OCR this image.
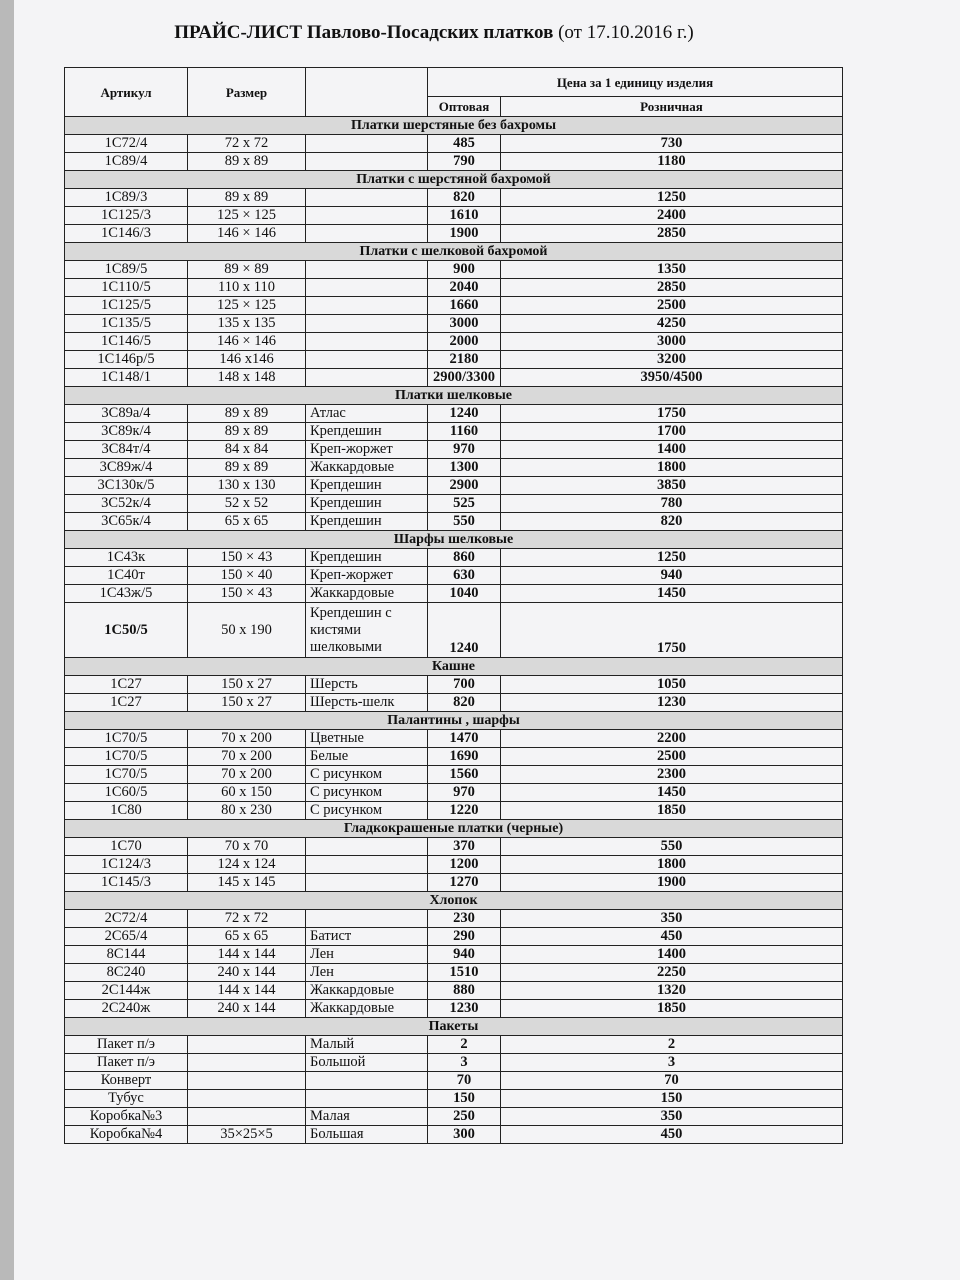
ПРАЙС-ЛИСТ Павлово-Посадских платков (от 17.10.2016 г.)
Артикул	Размер		Цена за 1 единицу изделия	
			Оптовая	Розничная
Платки шерстяные без бахромы				
1С72/4	72 х 72		485	730
1С89/4	89 х 89		790	1180
Платки с шерстяной бахромой				
1С89/3	89 х 89		820	1250
1С125/3	125 × 125		1610	2400
1С146/3	146 × 146		1900	2850
Платки с шелковой бахромой				
1С89/5	89 × 89		900	1350
1С110/5	110 х 110		2040	2850
1С125/5	125 × 125		1660	2500
1С135/5	135 х 135		3000	4250
1С146/5	146 × 146		2000	3000
1С146р/5	146 х146		2180	3200
1С148/1	148 х 148		2900/3300	3950/4500
Платки шелковые				
3С89а/4	89 х 89	Атлас	1240	1750
3С89к/4	89 х 89	Крепдешин	1160	1700
3С84т/4	84 х 84	Креп-жоржет	970	1400
3С89ж/4	89 х 89	Жаккардовые	1300	1800
3С130к/5	130 х 130	Крепдешин	2900	3850
3С52к/4	52 х 52	Крепдешин	525	780
3С65к/4	65 х 65	Крепдешин	550	820
Шарфы шелковые				
1С43к	150 × 43	Крепдешин	860	1250
1С40т	150 × 40	Креп-жоржет	630	940
1С43ж/5	150 × 43	Жаккардовые	1040	1450
1С50/5	50 х 190	Крепдешин с кистями шелковыми	1240	1750
Кашне				
1С27	150 х 27	Шерсть	700	1050
1С27	150 х 27	Шерсть-шелк	820	1230
Палантины , шарфы				
1С70/5	70 х 200	Цветные	1470	2200
1С70/5	70 х 200	Белые	1690	2500
1С70/5	70 х 200	С рисунком	1560	2300
1С60/5	60 х 150	С рисунком	970	1450
1С80	80 х 230	С рисунком	1220	1850
Гладкокрашеные платки (черные)				
1С70	70 х 70		370	550
1С124/3	124 х 124		1200	1800
1С145/3	145 х 145		1270	1900
Хлопок				
2С72/4	72 х 72		230	350
2С65/4	65 х 65	Батист	290	450
8С144	144 х 144	Лен	940	1400
8С240	240 х 144	Лен	1510	2250
2С144ж	144 х 144	Жаккардовые	880	1320
2С240ж	240 х 144	Жаккардовые	1230	1850
Пакеты				
Пакет п/э		Малый	2	2
Пакет п/э		Большой	3	3
Конверт			70	70
Тубус			150	150
Коробка№3		Малая	250	350
Коробка№4	35×25×5	Большая	300	450
